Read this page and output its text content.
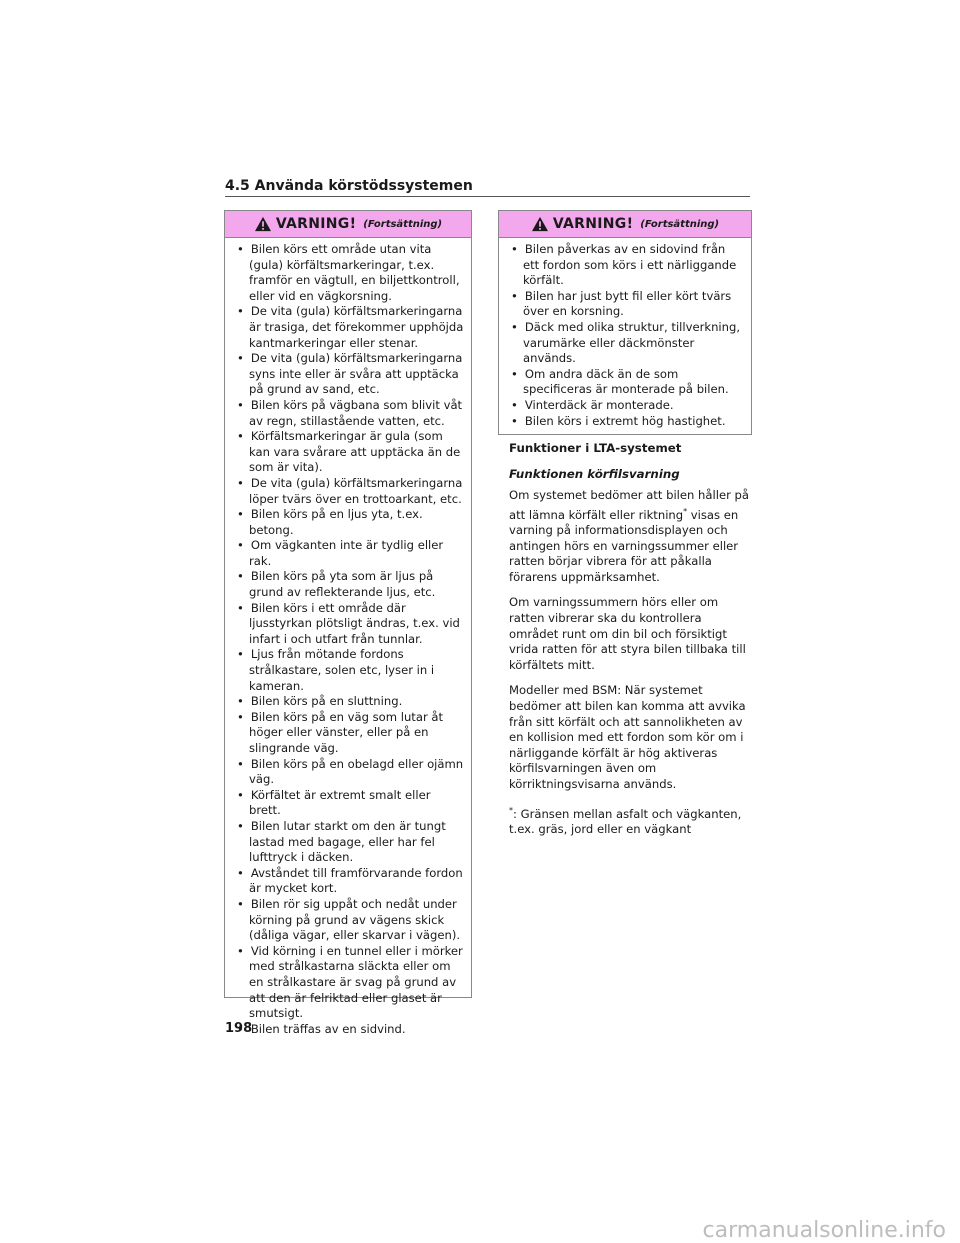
4.5 Använda körstödssystemen
VARNING! (Fortsättning)
• Bilen körs ett område utan vita (gula) körfältsmarkeringar, t.ex. framför en vägtull, en biljettkontroll, eller vid en vägkorsning.
• De vita (gula) körfältsmarkeringarna är trasiga, det förekommer upphöjda kantmarkeringar eller stenar.
• De vita (gula) körfältsmarkeringarna syns inte eller är svåra att upptäcka på grund av sand, etc.
• Bilen körs på vägbana som blivit våt av regn, stillastående vatten, etc.
• Körfältsmarkeringar är gula (som kan vara svårare att upptäcka än de som är vita).
• De vita (gula) körfältsmarkeringarna löper tvärs över en trottoarkant, etc.
• Bilen körs på en ljus yta, t.ex. betong.
• Om vägkanten inte är tydlig eller rak.
• Bilen körs på yta som är ljus på grund av reflekterande ljus, etc.
• Bilen körs i ett område där ljusstyrkan plötsligt ändras, t.ex. vid infart i och utfart från tunnlar.
• Ljus från mötande fordons strålkastare, solen etc, lyser in i kameran.
• Bilen körs på en sluttning.
• Bilen körs på en väg som lutar åt höger eller vänster, eller på en slingrande väg.
• Bilen körs på en obelagd eller ojämn väg.
• Körfältet är extremt smalt eller brett.
• Bilen lutar starkt om den är tungt lastad med bagage, eller har fel lufttryck i däcken.
• Avståndet till framförvarande fordon är mycket kort.
• Bilen rör sig uppåt och nedåt under körning på grund av vägens skick (dåliga vägar, eller skarvar i vägen).
• Vid körning i en tunnel eller i mörker med strålkastarna släckta eller om en strålkastare är svag på grund av att den är felriktad eller glaset är smutsigt.
• Bilen träffas av en sidvind.
VARNING! (Fortsättning)
• Bilen påverkas av en sidovind från ett fordon som körs i ett närliggande körfält.
• Bilen har just bytt fil eller kört tvärs över en korsning.
• Däck med olika struktur, tillverkning, varumärke eller däckmönster används.
• Om andra däck än de som specificeras är monterade på bilen.
• Vinterdäck är monterade.
• Bilen körs i extremt hög hastighet.
Funktioner i LTA-systemet
Funktionen körfilsvarning

Om systemet bedömer att bilen håller på att lämna körfält eller riktning* visas en varning på informationsdisplayen och antingen hörs en varningssummer eller ratten börjar vibrera för att påkalla förarens uppmärksamhet.

Om varningssummern hörs eller om ratten vibrerar ska du kontrollera området runt om din bil och försiktigt vrida ratten för att styra bilen tillbaka till körfältets mitt.

Modeller med BSM: När systemet bedömer att bilen kan komma att avvika från sitt körfält och att sannolikheten av en kollision med ett fordon som kör om i närliggande körfält är hög aktiveras körfilsvarningen även om körriktningsvisarna används.

*: Gränsen mellan asfalt och vägkanten, t.ex. gräs, jord eller en vägkant

198
carmanualsonline.info
